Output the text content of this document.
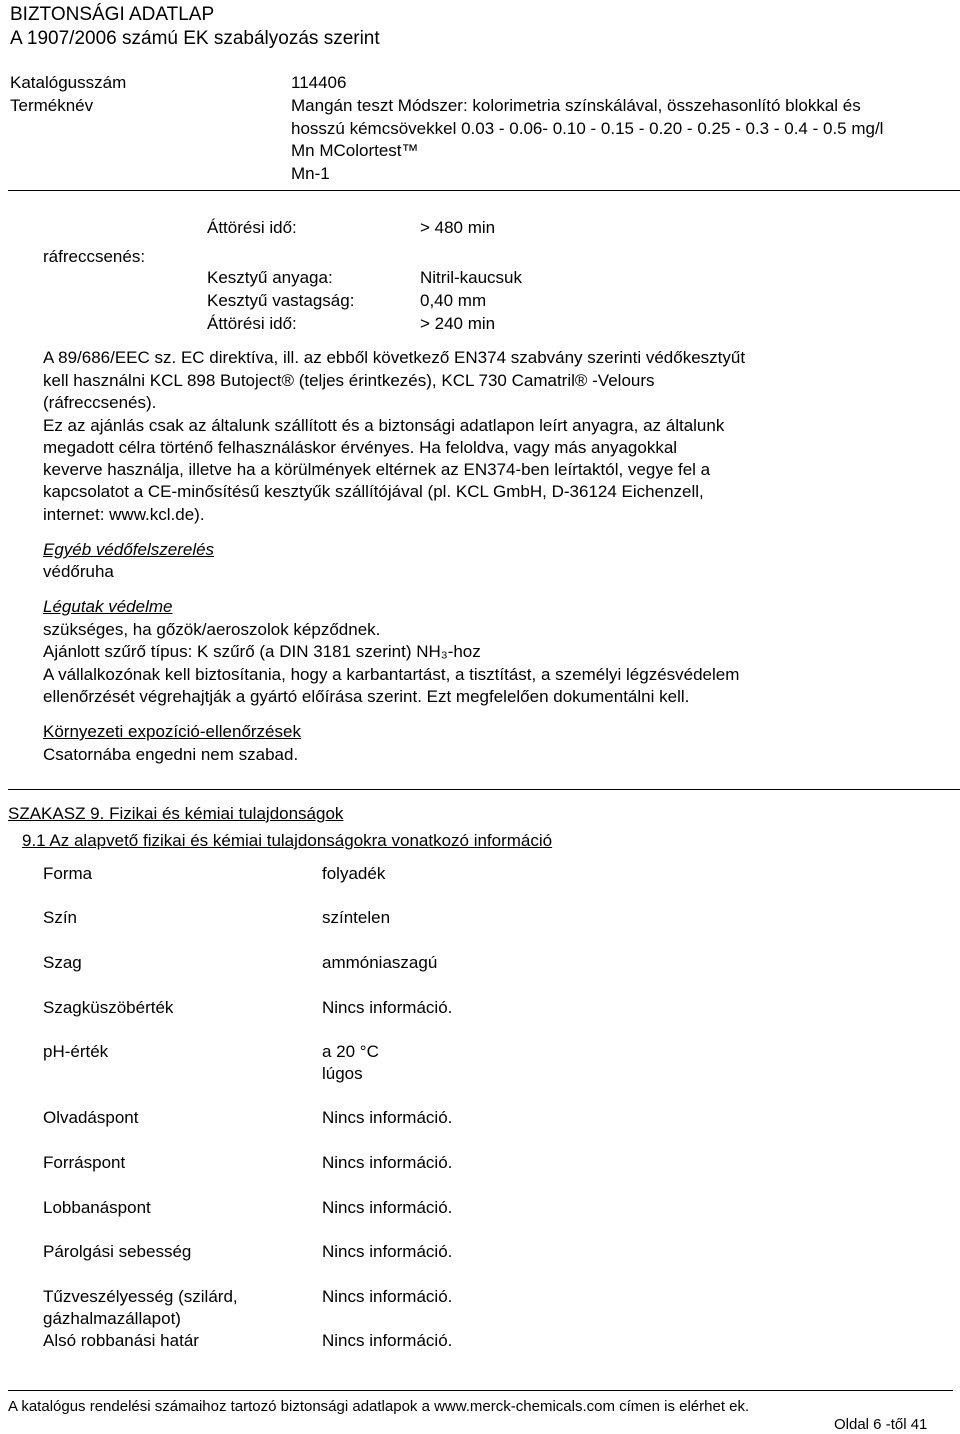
BIZTONSÁGI ADATLAP
A 1907/2006 számú EK szabályozás szerint
Katalógusszám	114406
Terméknév	Mangán teszt Módszer: kolorimetria színskálával, összehasonlító blokkal és
hosszú kémcsövekkel 0.03 - 0.06- 0.10 - 0.15 - 0.20 - 0.25 - 0.3 - 0.4 - 0.5 mg/l
Mn MColortest™
Mn-1
ráfreccsenés:
Áttörési idő:	> 480 min
Kesztyű anyaga:	Nitril-kaucsuk
Kesztyű vastagság:	0,40 mm
Áttörési idő:	> 240 min
A 89/686/EEC sz. EC direktíva, ill. az ebből következő EN374 szabvány szerinti védőkesztyűt
kell használni KCL 898 Butoject® (teljes érintkezés), KCL 730 Camatril® -Velours
(ráfreccsenés).
Ez az ajánlás csak az általunk szállított és a biztonsági adatlapon leírt anyagra, az általunk
megadott célra történő felhasználáskor érvényes. Ha feloldva, vagy más anyagokkal
keverve használja, illetve ha a körülmények eltérnek az EN374-ben leírtaktól, vegye fel a
kapcsolatot a CE-minősítésű kesztyűk szállítójával (pl. KCL GmbH, D-36124 Eichenzell,
internet: www.kcl.de).
Egyéb védőfelszerelés
védőruha
Légutak védelme
szükséges, ha gőzök/aeroszolok képződnek.
Ajánlott szűrő típus: K szűrő (a DIN 3181 szerint) NH₃-hoz
A vállalkozónak kell biztosítania, hogy a karbantartást, a tisztítást, a személyi légzésvédelem
ellenőrzését végrehajtják a gyártó előírása szerint. Ezt megfelelően dokumentálni kell.
Környezeti expozíció-ellenőrzések
Csatornába engedni nem szabad.
SZAKASZ 9. Fizikai és kémiai tulajdonságok
9.1 Az alapvető fizikai és kémiai tulajdonságokra vonatkozó információ
Forma	folyadék
Szín	színtelen
Szag	ammóniaszagú
Szagküszöbérték	Nincs információ.
pH-érték	a 20 °C
lúgos
Olvadáspont	Nincs információ.
Forráspont	Nincs információ.
Lobbanáspont	Nincs információ.
Párolgási sebesség	Nincs információ.
Tűzveszélyesség (szilárd,
gázhalmazállapot)
Nincs információ.
Alsó robbanási határ	Nincs információ.
A katalógus rendelési számaihoz tartozó biztonsági adatlapok a www.merck-chemicals.com címen is elérhet ek.
Oldal 6 -től 41
